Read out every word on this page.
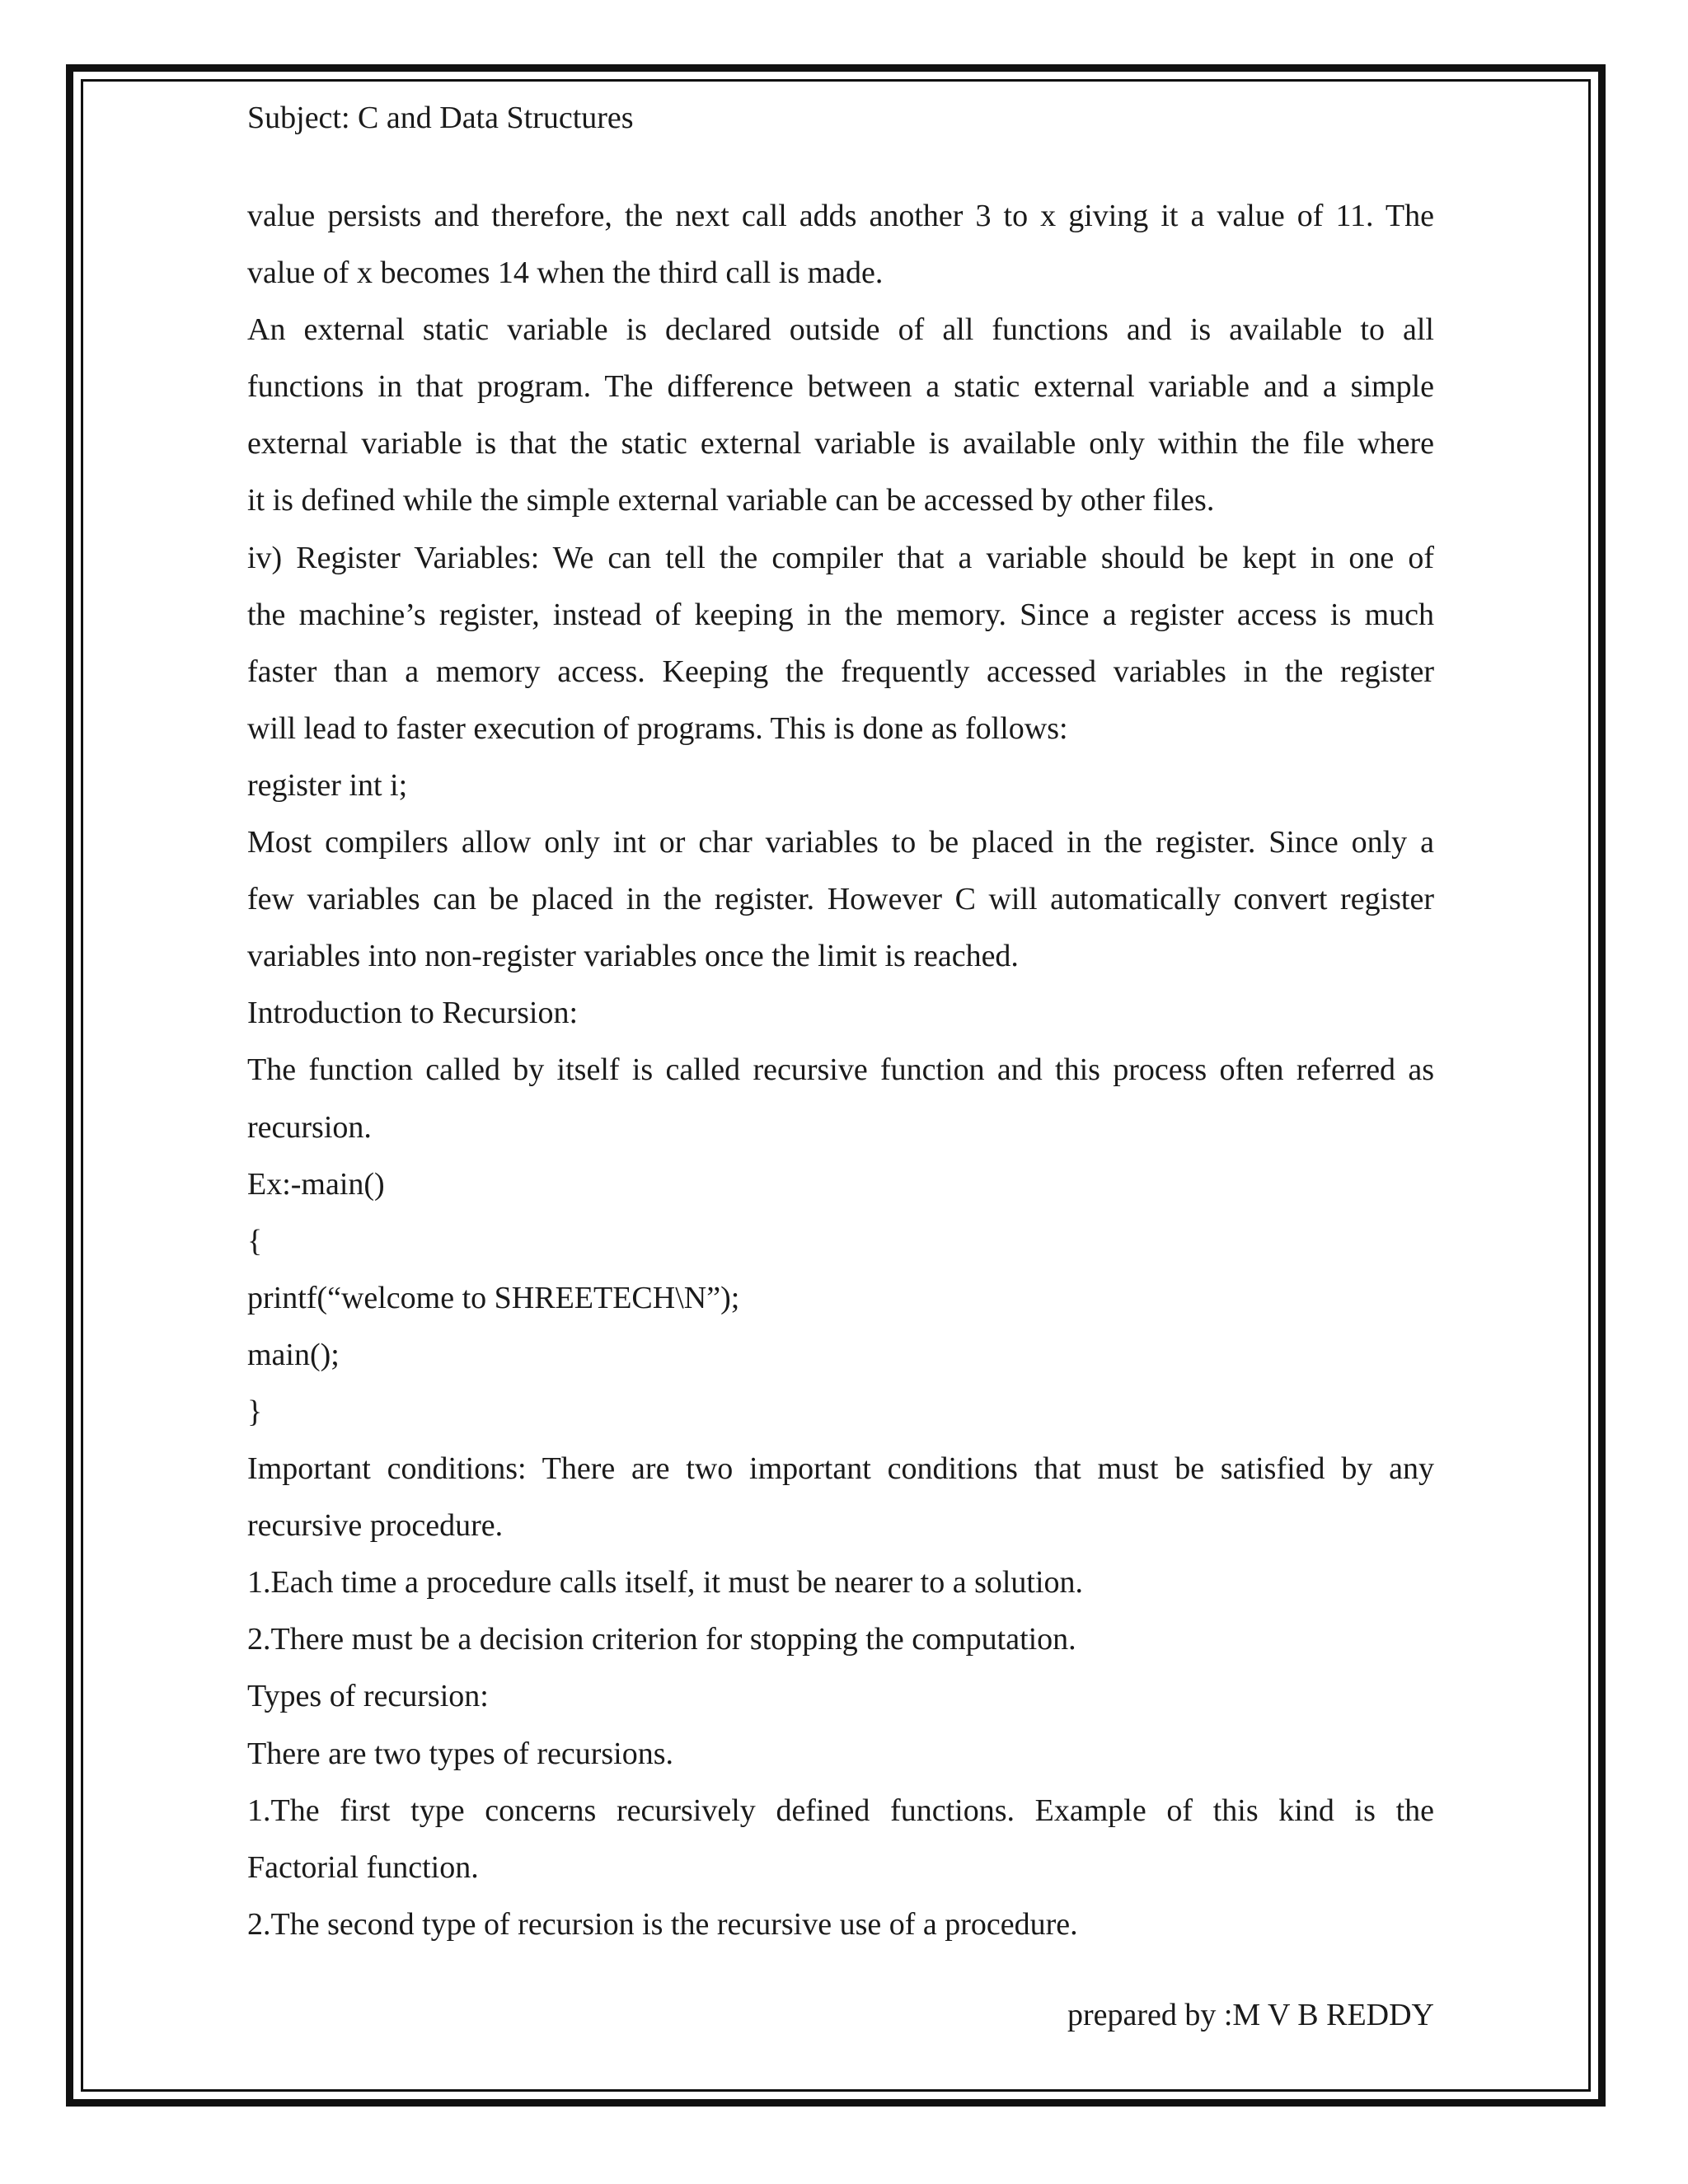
Subject: C and Data Structures
value persists and therefore, the next call adds another 3 to x giving it a value of 11. The
value of x becomes 14 when the third call is made.
An external static variable is declared outside of all functions and is available to all
functions in that program. The difference between a static external variable and a simple
external variable is that the static external variable is available only within the file where
it is defined while the simple external variable can be accessed by other files.
iv) Register Variables: We can tell the compiler that a variable should be kept in one of
the machine’s register, instead of keeping in the memory. Since a register access is much
faster than a memory access. Keeping the frequently accessed variables in the register
will lead to faster execution of programs. This is done as follows:
register int i;
Most compilers allow only int or char variables to be placed in the register. Since only a
few variables can be placed in the register. However C will automatically convert register
variables into non-register variables once the limit is reached.
Introduction to Recursion:
The function called by itself is called recursive function and this process often referred as
recursion.
Ex:-main()
{
printf(“welcome to SHREETECH\N”);
main();
}
Important conditions: There are two important conditions that must be satisfied by any
recursive procedure.
1.Each time a procedure calls itself, it must be nearer to a solution.
2.There must be a decision criterion for stopping the computation.
Types of recursion:
There are two types of recursions.
1.The first type concerns recursively defined functions. Example of this kind is the
Factorial function.
2.The second type of recursion is the recursive use of a procedure.
prepared by :M V B REDDY
